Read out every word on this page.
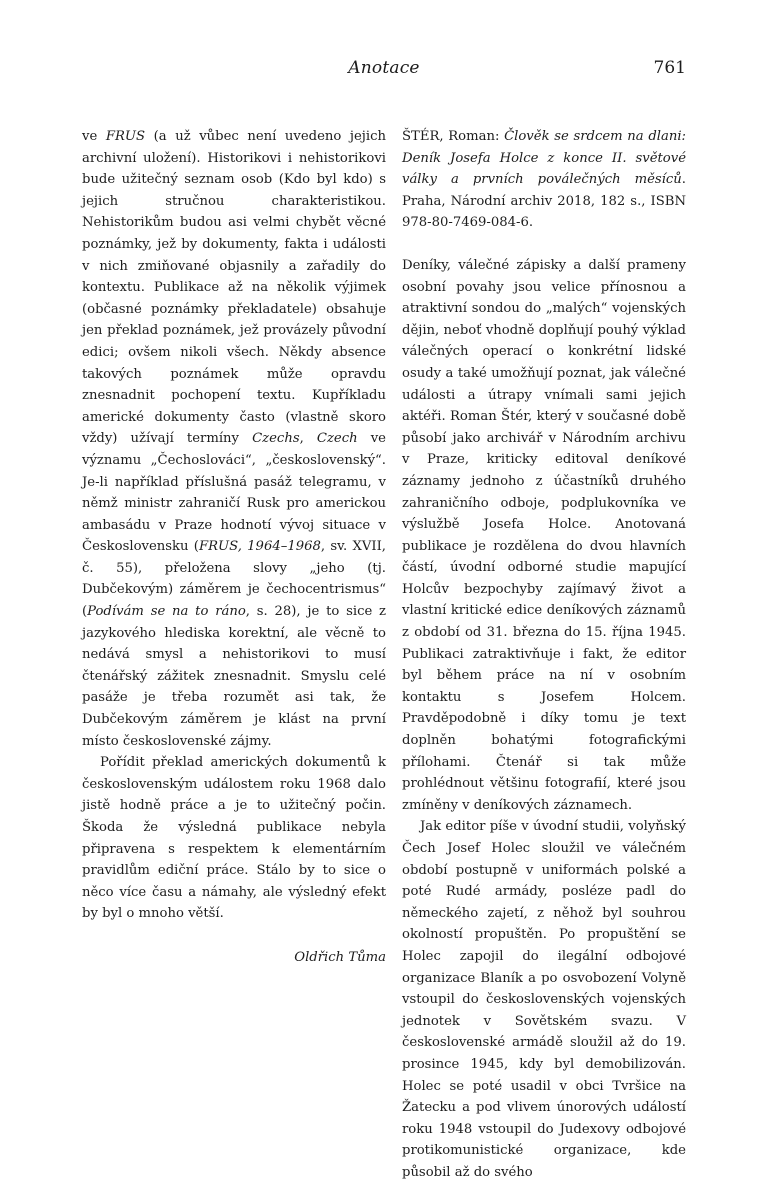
Anotace	761

ve FRUS (a už vůbec není uvedeno jejich archivní uložení). Historikovi i nehistorikovi bude užitečný seznam osob (Kdo byl kdo) s jejich stručnou charakteristikou. Nehistorikům budou asi velmi chybět věcné poznámky, jež by dokumenty, fakta i události v nich zmiňované objasnily a zařadily do kontextu. Publikace až na několik výjimek (občasné poznámky překladatele) obsahuje jen překlad poznámek, jež provázely původní edici; ovšem nikoli všech. Někdy absence takových poznámek může opravdu znesnadnit pochopení textu. Kupříkladu americké dokumenty často (vlastně skoro vždy) užívají termíny Czechs, Czech ve významu „Čechoslováci“, „československý“. Je-li například příslušná pasáž telegramu, v němž ministr zahraničí Rusk pro americkou ambasádu v Praze hodnotí vývoj situace v Československu (FRUS, 1964–1968, sv. XVII, č. 55), přeložena slovy „jeho (tj. Dubčekovým) záměrem je čechocentrismus“ (Podívám se na to ráno, s. 28), je to sice z jazykového hlediska korektní, ale věcně to nedává smysl a nehistorikovi to musí čtenářský zážitek znesnadnit. Smyslu celé pasáže je třeba rozumět asi tak, že Dubčekovým záměrem je klást na první místo československé zájmy.

Pořídit překlad amerických dokumentů k československým událostem roku 1968 dalo jistě hodně práce a je to užitečný počin. Škoda že výsledná publikace nebyla připravena s respektem k elementárním pravidlům ediční práce. Stálo by to sice o něco více času a námahy, ale výsledný efekt by byl o mnoho větší.

Oldřich Tůma

ŠTÉR, Roman: Člověk se srdcem na dlani: Deník Josefa Holce z konce II. světové války a prvních poválečných měsíců. Praha, Národní archiv 2018, 182 s., ISBN 978-80-7469-084-6.

Deníky, válečné zápisky a další prameny osobní povahy jsou velice přínosnou a atraktivní sondou do „malých“ vojenských dějin, neboť vhodně doplňují pouhý výklad válečných operací o konkrétní lidské osudy a také umožňují poznat, jak válečné události a útrapy vnímali sami jejich aktéři. Roman Štér, který v současné době působí jako archivář v Národním archivu v Praze, kriticky editoval deníkové záznamy jednoho z účastníků druhého zahraničního odboje, podplukovníka ve výslužbě Josefa Holce. Anotovaná publikace je rozdělena do dvou hlavních částí, úvodní odborné studie mapující Holcův bezpochyby zajímavý život a vlastní kritické edice deníkových záznamů z období od 31. března do 15. října 1945. Publikaci zatraktivňuje i fakt, že editor byl během práce na ní v osobním kontaktu s Josefem Holcem. Pravděpodobně i díky tomu je text doplněn bohatými fotografickými přílohami. Čtenář si tak může prohlédnout většinu fotografií, které jsou zmíněny v deníkových záznamech.

Jak editor píše v úvodní studii, volyňský Čech Josef Holec sloužil ve válečném období postupně v uniformách polské a poté Rudé armády, posléze padl do německého zajetí, z něhož byl souhrou okolností propuštěn. Po propuštění se Holec zapojil do ilegální odbojové organizace Blaník a po osvobození Volyně vstoupil do československých vojenských jednotek v Sovětském svazu. V československé armádě sloužil až do 19. prosince 1945, kdy byl demobilizován. Holec se poté usadil v obci Tvršice na Žatecku a pod vlivem únorových událostí roku 1948 vstoupil do Judexovy odbojové protikomunistické organizace, kde působil až do svého
